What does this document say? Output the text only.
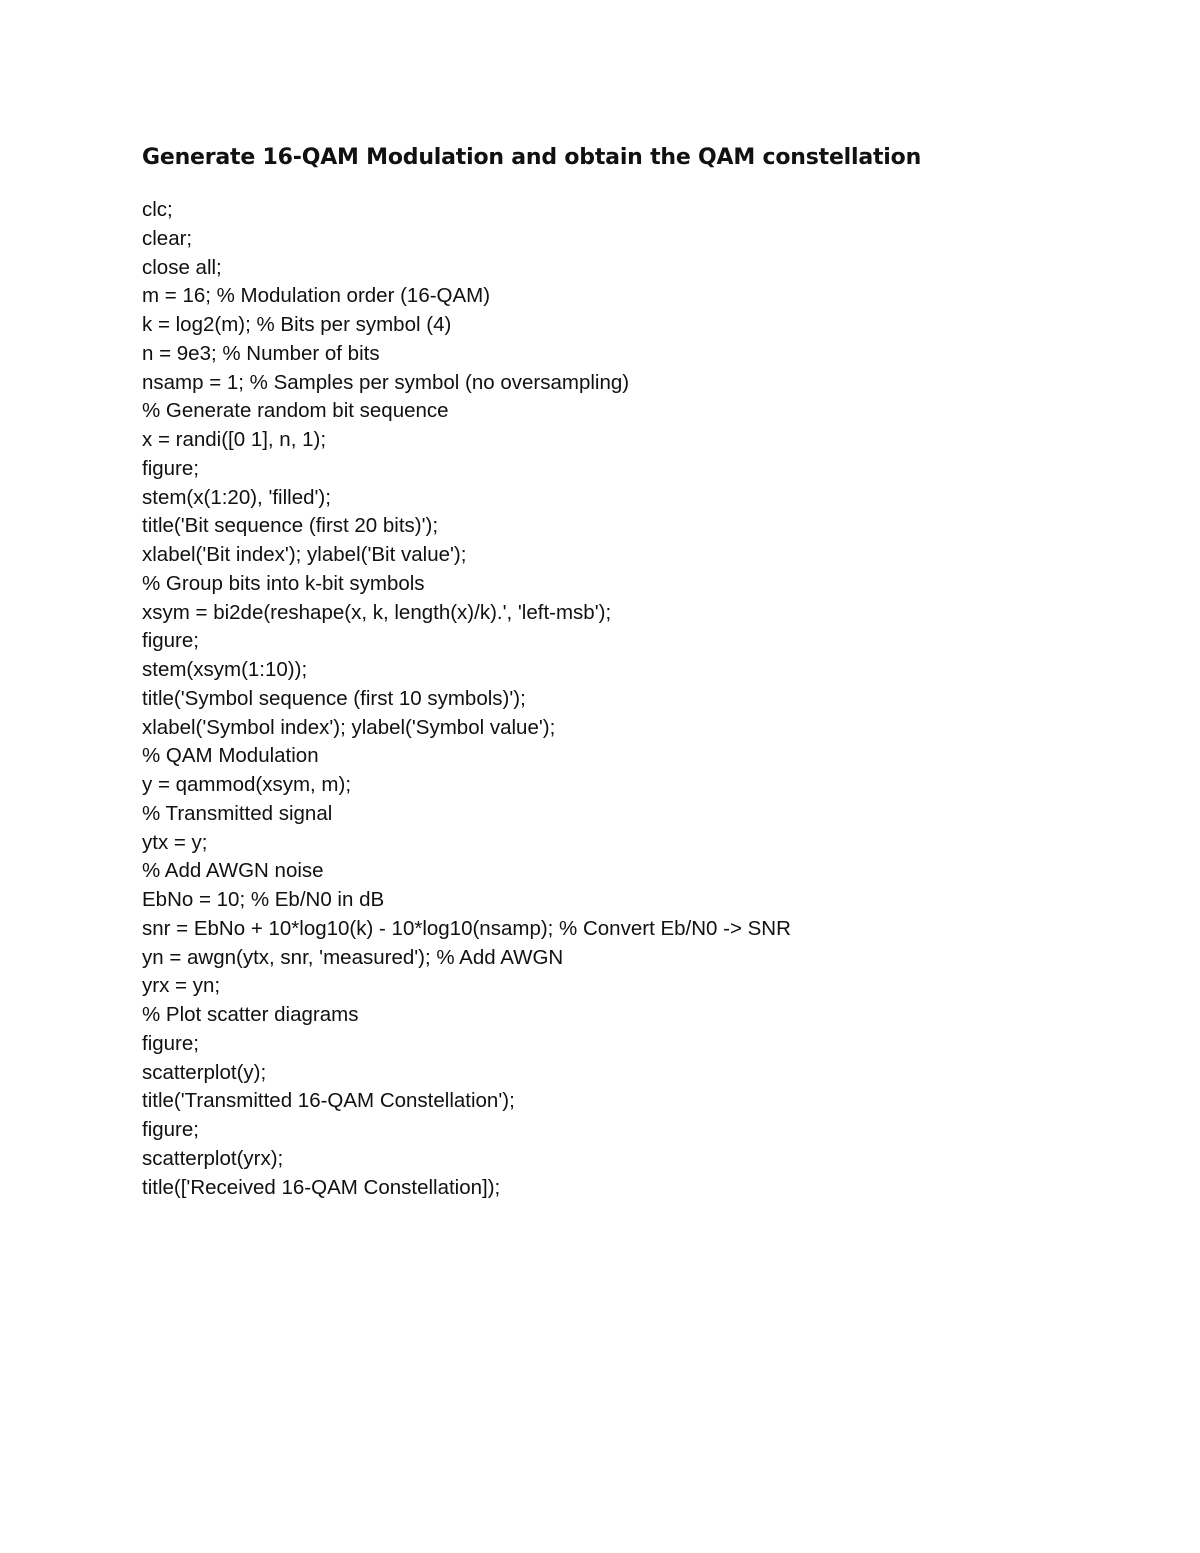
Generate 16-QAM Modulation and obtain the QAM constellation
clc;
clear;
close all;
m = 16; % Modulation order (16-QAM)
k = log2(m); % Bits per symbol (4)
n = 9e3; % Number of bits
nsamp = 1; % Samples per symbol (no oversampling)
% Generate random bit sequence
x = randi([0 1], n, 1);
figure;
stem(x(1:20), 'filled');
title('Bit sequence (first 20 bits)');
xlabel('Bit index'); ylabel('Bit value');
% Group bits into k-bit symbols
xsym = bi2de(reshape(x, k, length(x)/k).', 'left-msb');
figure;
stem(xsym(1:10));
title('Symbol sequence (first 10 symbols)');
xlabel('Symbol index'); ylabel('Symbol value');
% QAM Modulation
y = qammod(xsym, m);
% Transmitted signal
ytx = y;
% Add AWGN noise
EbNo = 10; % Eb/N0 in dB
snr = EbNo + 10*log10(k) - 10*log10(nsamp); % Convert Eb/N0 -> SNR
yn = awgn(ytx, snr, 'measured'); % Add AWGN
yrx = yn;
% Plot scatter diagrams
figure;
scatterplot(y);
title('Transmitted 16-QAM Constellation');
figure;
scatterplot(yrx);
title(['Received 16-QAM Constellation]);
